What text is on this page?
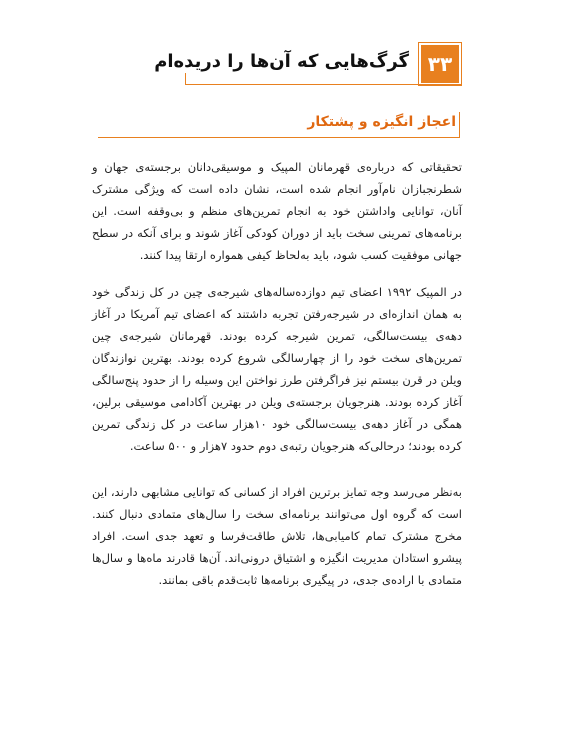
۳۳
گرگ‌هایی که آن‌ها را دریده‌ام
اعجاز انگیزه و پشتکار

تحقیقاتی که درباره‌ی قهرمانان المپیک و موسیقی‌دانان برجسته‌ی جهان و شطرنجبازان نام‌آور انجام شده است، نشان داده است که ویژگی مشترک آنان، توانایی واداشتن خود به انجام تمرین‌های منظم و بی‌وقفه است. این برنامه‌های تمرینی سخت باید از دوران کودکی آغاز شوند و برای آنکه در سطح جهانی موفقیت کسب شود، باید به‌لحاظ کیفی همواره ارتقا پیدا کنند.

در المپیک ۱۹۹۲ اعضای تیم دوازده‌ساله‌های شیرجه‌ی چین در کل زندگی خود به همان اندازه‌ای در شیرجه‌رفتن تجربه داشتند که اعضای تیم آمریکا در آغاز دهه‌ی بیست‌سالگی، تمرین شیرجه کرده بودند. قهرمانان شیرجه‌ی چین تمرین‌های سخت خود را از چهارسالگی شروع کرده بودند. بهترین نوازندگان ویلن در قرن بیستم نیز فراگرفتن طرز نواختن این وسیله را از حدود پنج‌سالگی آغاز کرده بودند. هنرجویان برجسته‌ی ویلن در بهترین آکادامی موسیقی برلین، همگی در آغاز دهه‌ی بیست‌سالگی خود ۱۰هزار ساعت در کل زندگی تمرین کرده بودند؛ درحالی‌که هنرجویان رتبه‌ی دوم حدود ۷هزار و ۵۰۰ ساعت.

به‌نظر می‌رسد وجه تمایز برترین افراد از کسانی که توانایی مشابهی دارند، این است که گروه اول می‌توانند برنامه‌ای سخت را سال‌های متمادی دنبال کنند. مخرج مشترک تمام کامیابی‌ها، تلاش طاقت‌فرسا و تعهد جدی است. افراد پیشرو استادان مدیریت انگیزه و اشتیاق درونی‌اند. آن‌ها قادرند ماه‌ها و سال‌ها متمادی با اراده‌ی جدی، در پیگیری برنامه‌ها ثابت‌قدم باقی بمانند.
